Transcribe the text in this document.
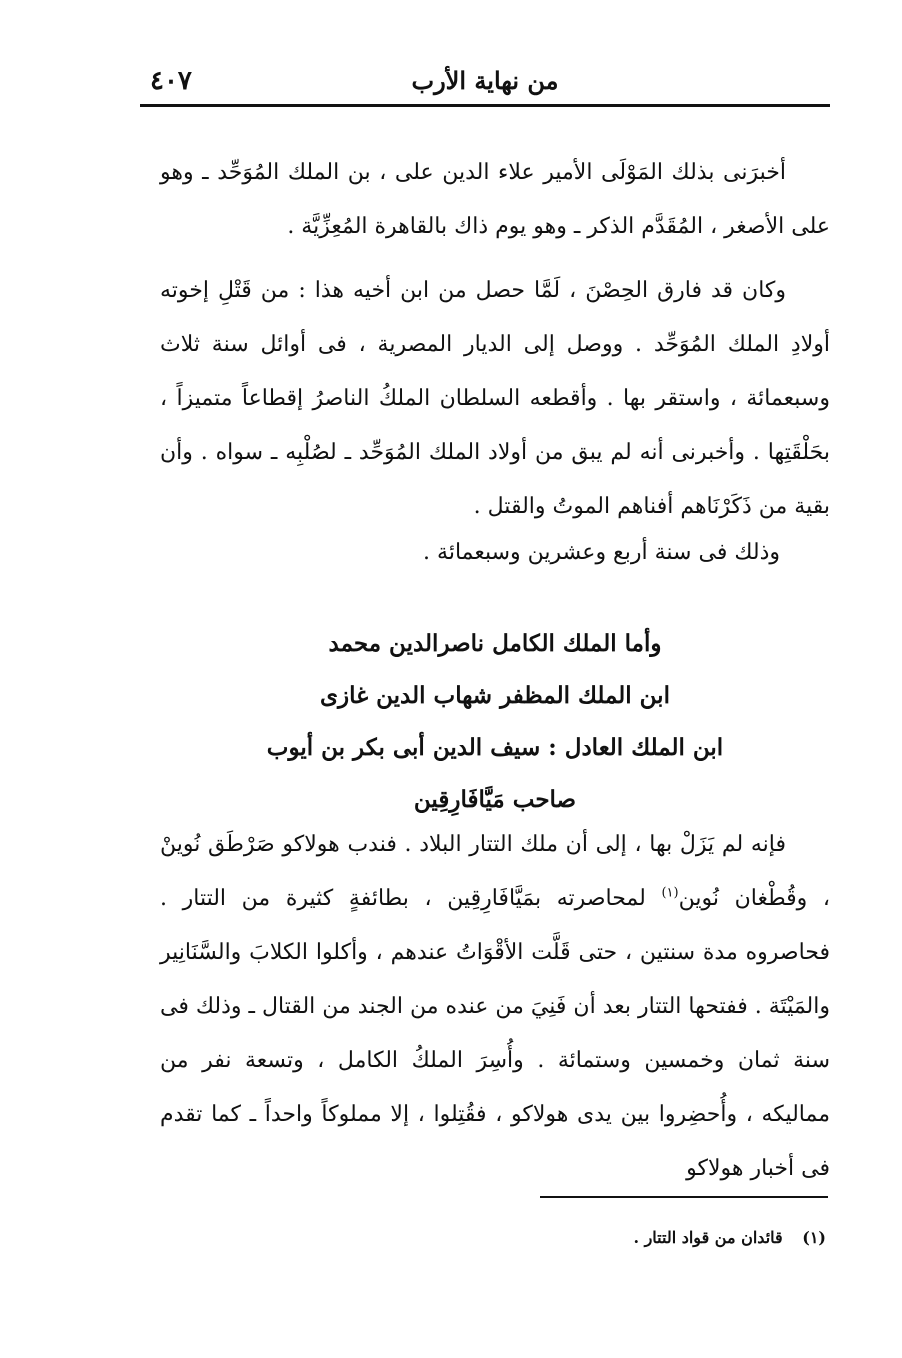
٤٠٧	من نهاية الأرب

أخبرَنى بذلك المَوْلَى الأمير علاء الدين على ، بن الملك المُوَحِّد ـ وهو على الأصغر ، المُقَدَّم الذكر ـ وهو يوم ذاك بالقاهرة المُعِزِّيَّة .

وكان قد فارق الحِصْنَ ، لَمَّا حصل من ابن أخيه هذا : من قَتْلِ إخوته أولادِ الملك المُوَحِّد . ووصل إلى الديار المصرية ، فى أوائل سنة ثلاث وسبعمائة ، واستقر بها . وأقطعه السلطان الملكُ الناصرُ إقطاعاً متميزاً ، بحَلْقَتِها . وأخبرنى أنه لم يبق من أولاد الملك المُوَحِّد ـ لصُلْبِه ـ سواه . وأن بقية من ذَكَرْنَاهم أفناهم الموتُ والقتل .

وذلك فى سنة أربع وعشرين وسبعمائة .

وأما الملك الكامل ناصرالدين محمد
ابن الملك المظفر شهاب الدين غازى
ابن الملك العادل : سيف الدين أبى بكر بن أيوب
صاحب مَيَّافَارِقِين

فإنه لم يَزَلْ بها ، إلى أن ملك التتار البلاد . فندب هولاكو صَرْطَق نُوينْ ، وقُطْغان نُوين$^{(١)}$ لمحاصرته بمَيَّافَارِقِين ، بطائفةٍ كثيرة من التتار . فحاصروه مدة سنتين ، حتى قَلَّت الأقْوَاتُ عندهم ، وأكلوا الكلابَ والسَّنَانِير والمَيْتَة . ففتحها التتار بعد أن فَنِيَ من عنده من الجند من القتال ـ وذلك فى سنة ثمان وخمسين وستمائة . وأُسِرَ الملكُ الكامل ، وتسعة نفر من مماليكه ، وأُحضِروا بين يدى هولاكو ، فقُتِلوا ، إلا مملوكاً واحداً ـ كما تقدم فى أخبار هولاكو

(١) قائدان من قواد التتار .
